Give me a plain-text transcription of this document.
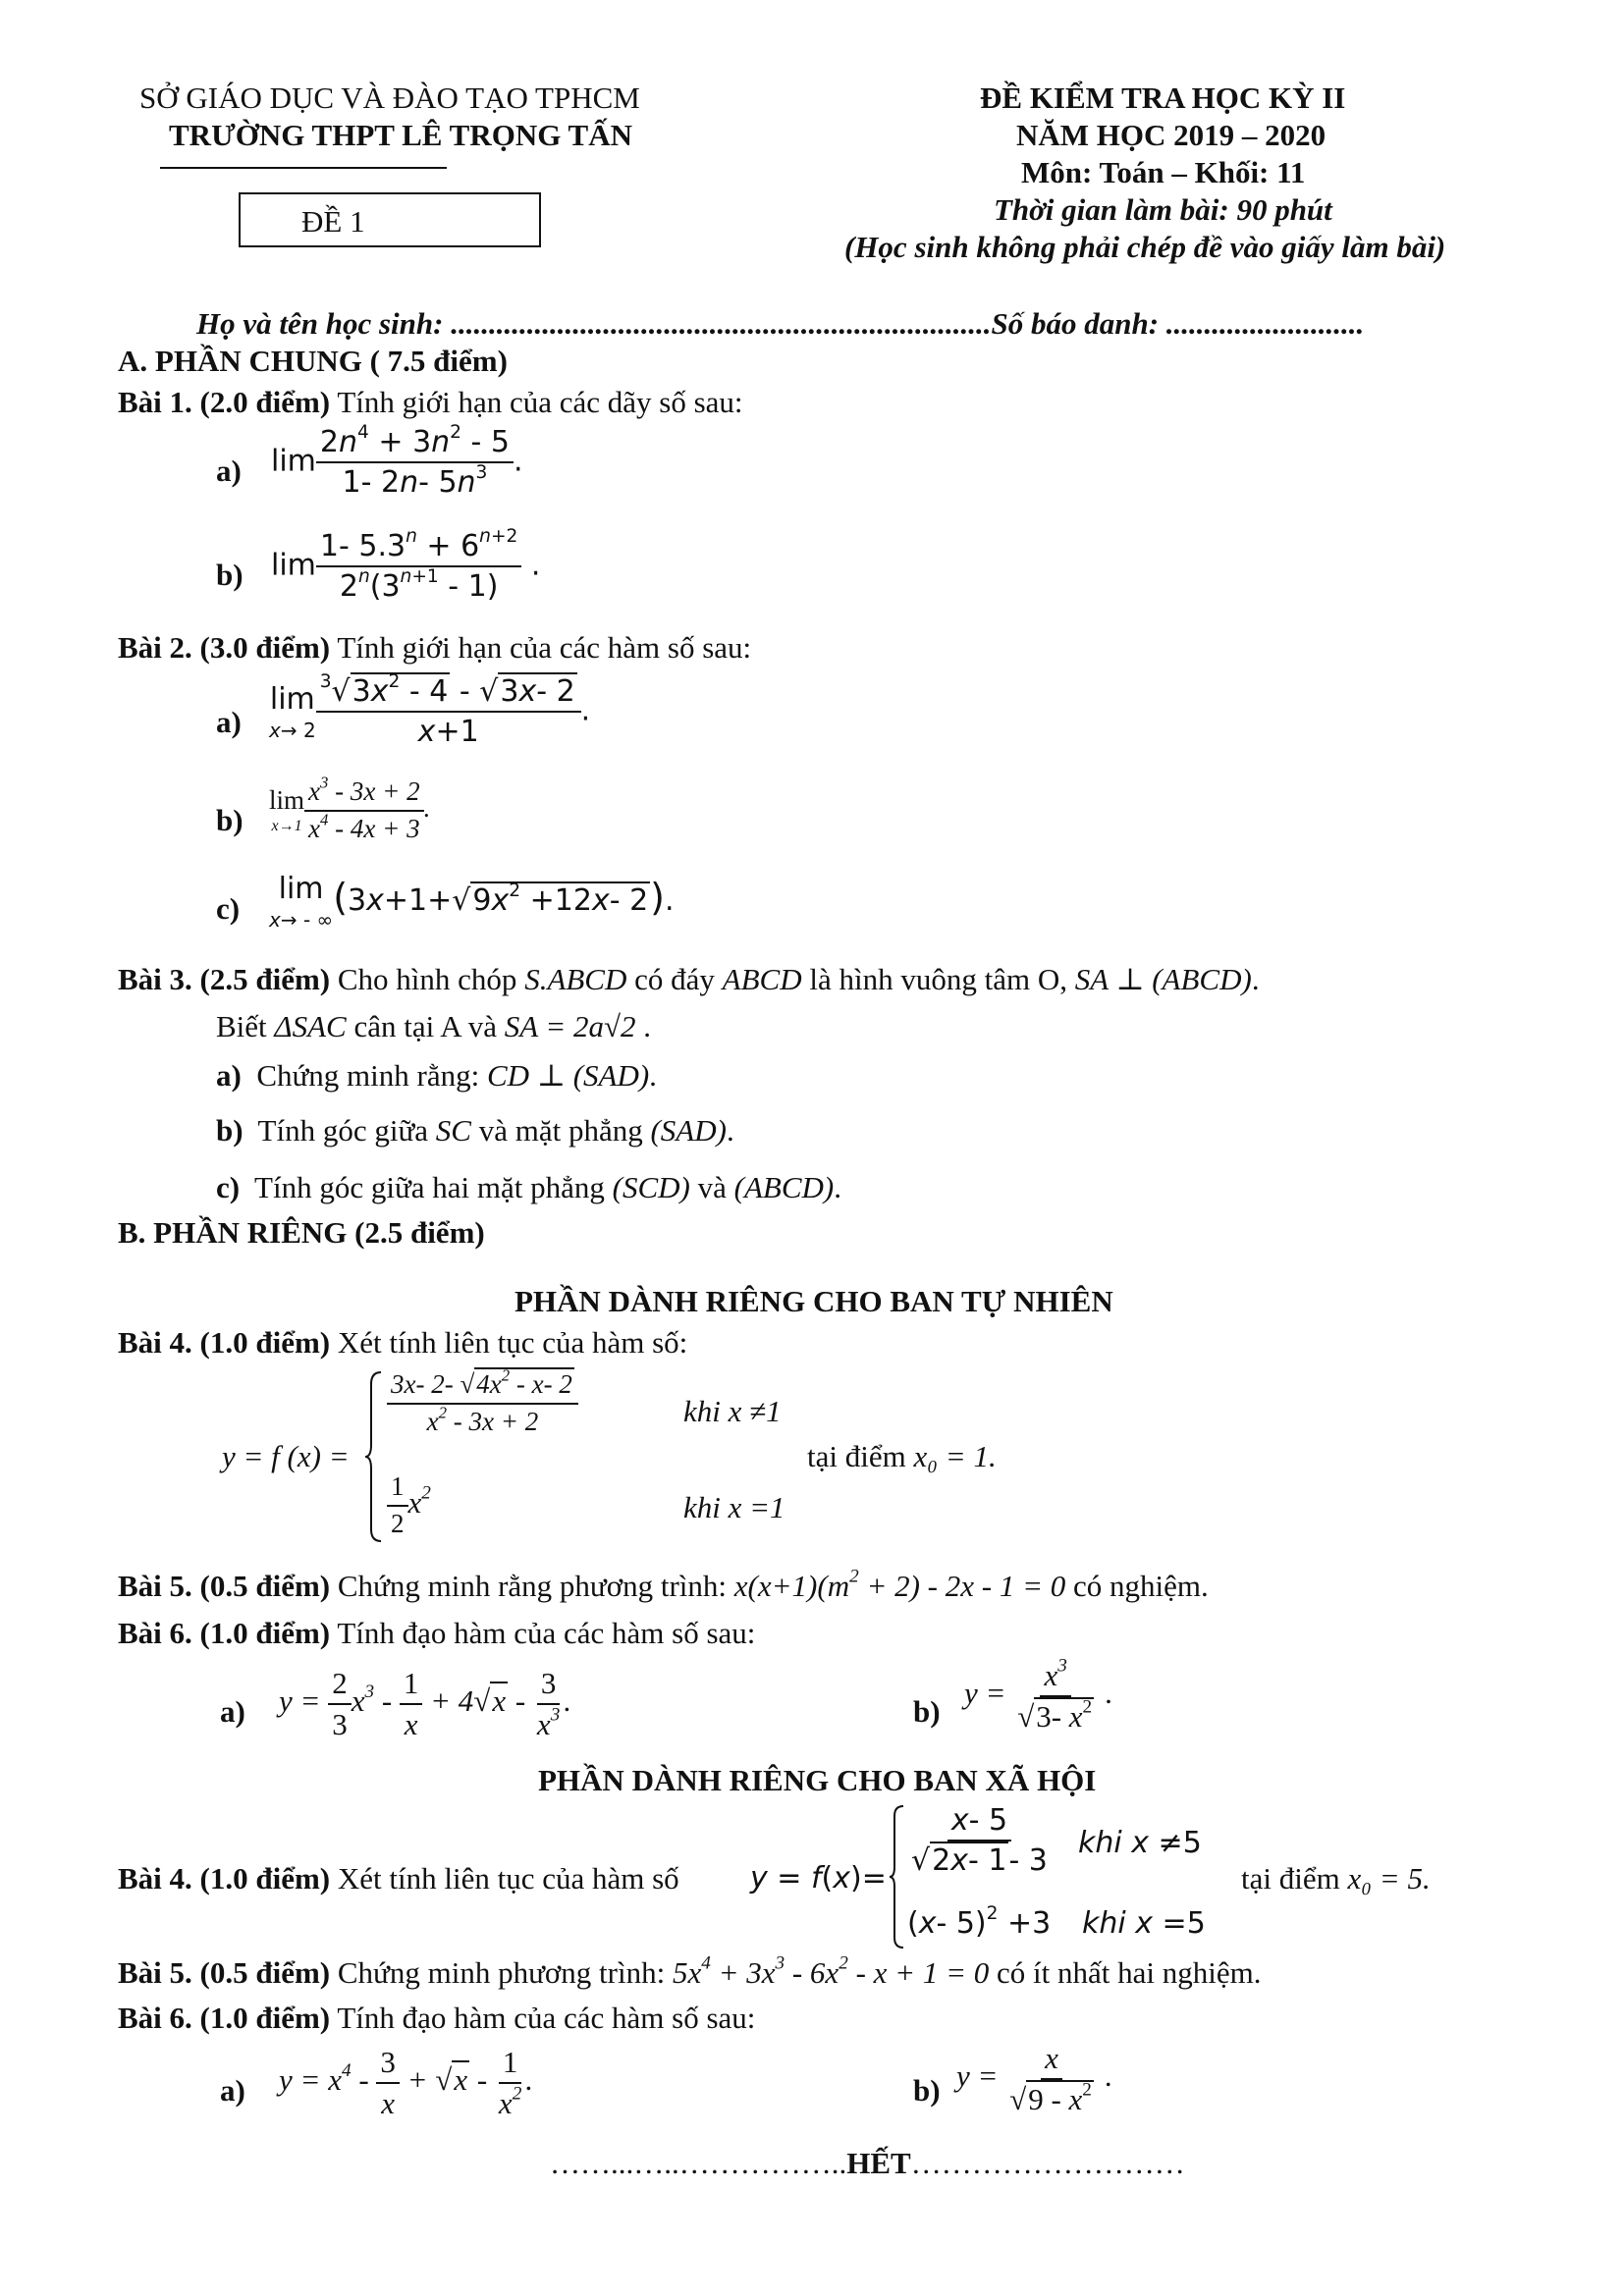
SỞ GIÁO DỤC VÀ ĐÀO TẠO TPHCM
TRƯỜNG THPT LÊ TRỌNG TẤN
ĐỀ 1
ĐỀ KIỂM TRA HỌC KỲ II
NĂM HỌC 2019 – 2020
Môn: Toán – Khối: 11
Thời gian làm bài: 90 phút
(Học sinh không phải chép đề vào giấy làm bài)
Họ và tên học sinh: .......................................................................Số báo danh: ..........................
A. PHẦN CHUNG ( 7.5 điểm)
Bài 1. (2.0 điểm) Tính giới hạn của các dãy số sau:
a) $\lim \frac{2n^4 + 3n^2 - 5}{1- 2n- 5n^3}$ .
b) $\lim \frac{1- 5.3^n + 6^{n+2}}{2^n(3^{n+1} - 1)}$ .
Bài 2. (3.0 điểm) Tính giới hạn của các hàm số sau:
a)
lim
$x\to 2 \frac{^3√3x^2 - 4 - √3x- 2}{x+1}$ .
b)
lim
$x\to 1 \frac{x^3 - 3x + 2}{x^4 - 4x + 3}$ .
c)
lim
x→ - ∞
($3x+1+√9x^2 +12x-$ 2).
Bài 3. (2.5 điểm) Cho hình chóp S.ABCD có đáy ABCD là hình vuông tâm O, SA ⊥ (ABCD).
Biết ΔSAC cân tại A và SA = 2a√2 .
a) Chứng minh rằng: CD ⊥ (SAD).
b) Tính góc giữa SC và mặt phẳng (SAD).
c) Tính góc giữa hai mặt phẳng (SCD) và (ABCD).
B. PHẦN RIÊNG (2.5 điểm)
PHẦN DÀNH RIÊNG CHO BAN TỰ NHIÊN
Bài 4. (1.0 điểm) Xét tính liên tục của hàm số:
y = f (x) =
$\frac{3x- 2- √4x^2 - x- 2}{x^2 - 3x + 2}$	khi x ≠1
$\frac{1}{2} x^2$	khi x =1
tại điểm x₀ = 1.
Bài 5. (0.5 điểm) Chứng minh rằng phương trình: $x(x+1)(m^2 + 2) - 2x - 1 = 0$ có nghiệm.
Bài 6. (1.0 điểm) Tính đạo hàm của các hàm số sau:
a) $y = \frac{2}{3} x^3 - \frac{1}{x} + 4√x - \frac{3}{x^3}$ .	b)
$y = \frac{x^3}{√3- x^2}$ .
PHẦN DÀNH RIÊNG CHO BAN XÃ HỘI
Bài 4. (1.0 điểm) Xét tính liên tục của hàm số y = f(x)=
$\frac{x- 5}{√2x- 1- 3}$ khi x ≠5
(x- 5)$^2$ +3 khi x =5
tại điểm x₀ = 5.
Bài 5. (0.5 điểm) Chứng minh phương trình: $5x^4 + 3x^3 - 6x^2 - x + 1 = 0$ có ít nhất hai nghiệm.
Bài 6. (1.0 điểm) Tính đạo hàm của các hàm số sau:
a) $y = x^4 - \frac{3}{x} + √x - \frac{1}{x^2}$ .	b) $y = \frac{x}{√9 - x^2}$ .
……...…..……………..HẾT………………………
